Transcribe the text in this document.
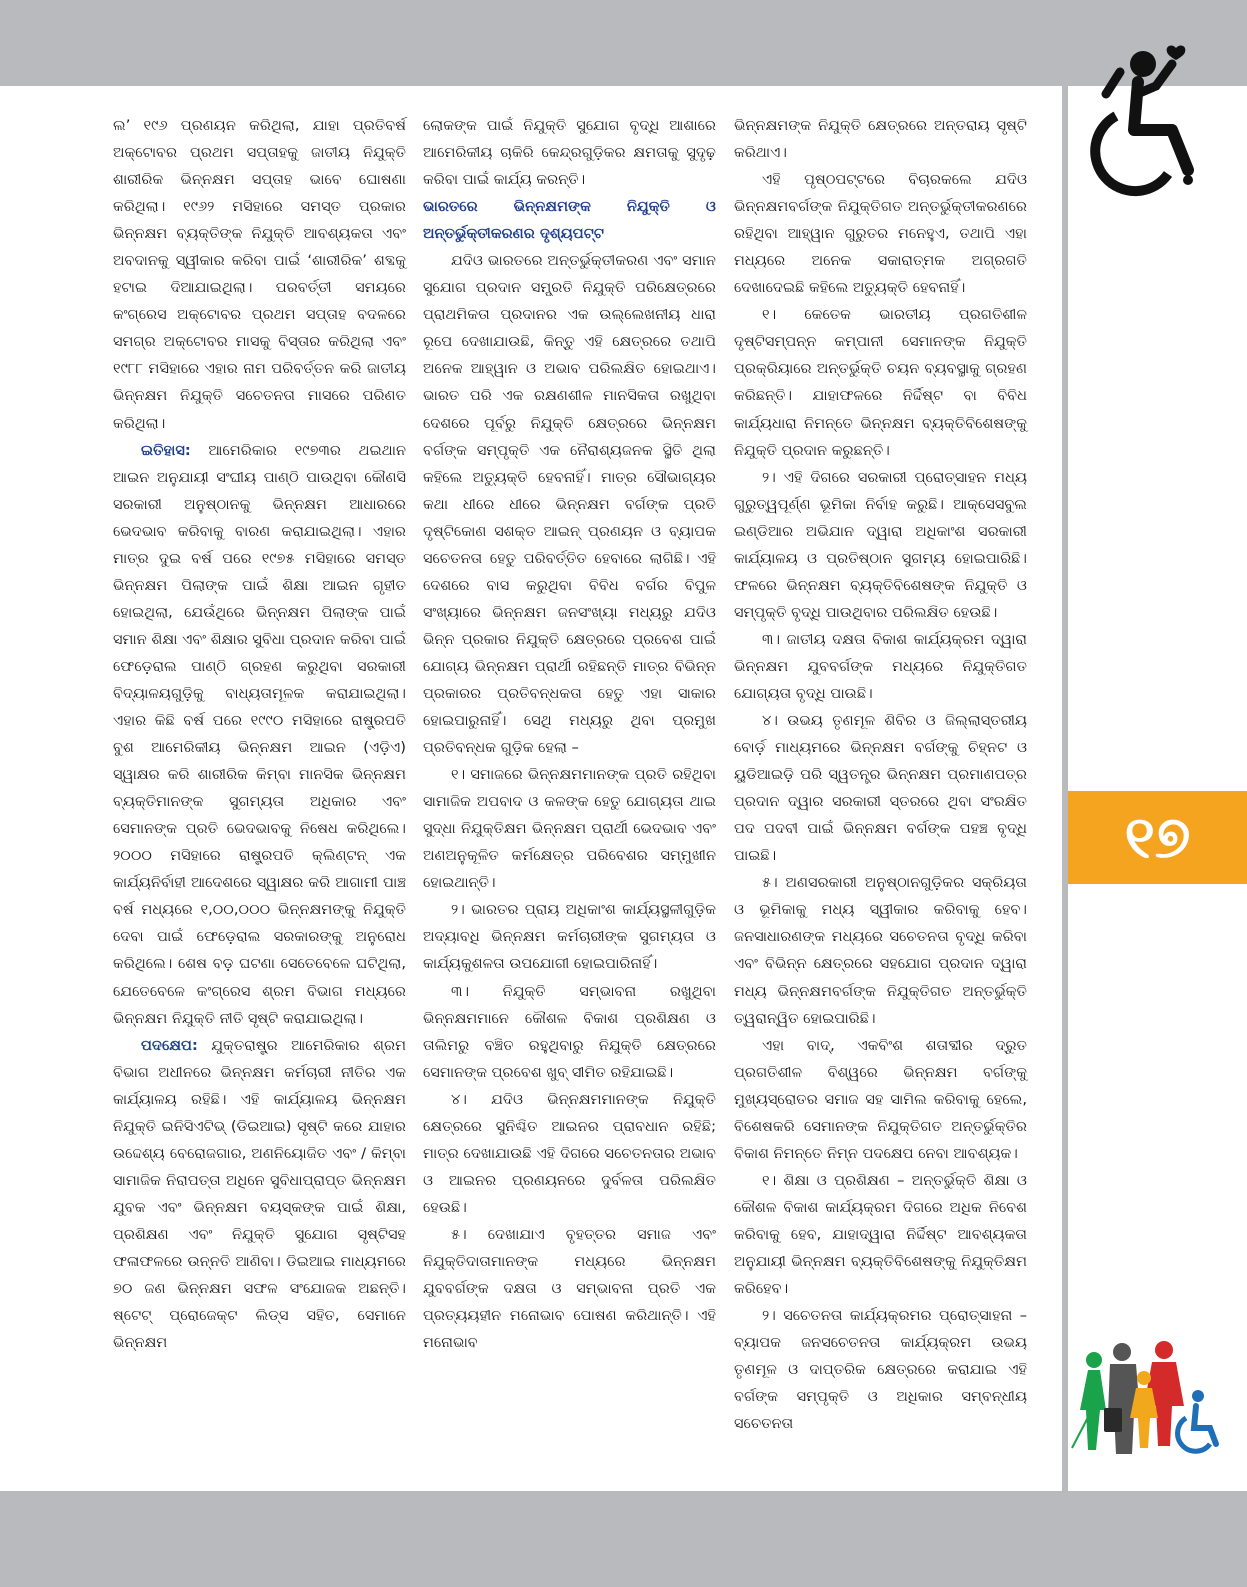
ଲ’ ୧୯୬ ପ୍ରଣୟନ କରିଥିଲା, ଯାହା ପ୍ରତିବର୍ଷ ଅକ୍ଟୋବର ପ୍ରଥମ ସପ୍ତାହକୁ ଜାତୀୟ ନିଯୁକ୍ତି ଶାରୀରିକ ଭିନ୍ନକ୍ଷମ ସପ୍ତାହ ଭାବେ ଘୋଷଣା କରିଥିଲା। ୧୯୬୨ ମସିହାରେ ସମସ୍ତ ପ୍ରକାର ଭିନ୍ନକ୍ଷମ ବ୍ୟକ୍ତିଙ୍କ ନିଯୁକ୍ତି ଆବଶ୍ୟକତା ଏବଂ ଅବଦାନକୁ ସ୍ୱୀକାର କରିବା ପାଇଁ ‘ଶାରୀରିକ’ ଶବ୍ଦକୁ ହଟାଇ ଦିଆଯାଇଥିଲା। ପରବର୍ତ୍ତୀ ସମୟରେ କଂଗ୍ରେସ ଅକ୍ଟୋବର ପ୍ରଥମ ସପ୍ତାହ ବଦଳରେ ସମଗ୍ର ଅକ୍ଟୋବର ମାସକୁ ବିସ୍ତାର କରିଥିଲା ଏବଂ ୧୯୮୮ ମସିହାରେ ଏହାର ନାମ ପରିବର୍ତ୍ତନ କରି ଜାତୀୟ ଭିନ୍ନକ୍ଷମ ନିଯୁକ୍ତି ସଚେତନତା ମାସରେ ପରିଣତ କରିଥିଲା।

ଇତିହାସ: ଆମେରିକାର ୧୯୭୩ର ଥଇଥାନ ଆଇନ ଅନୁଯାୟୀ ସଂଘୀୟ ପାଣ୍ଠି ପାଉଥିବା କୌଣସି ସରକାରୀ ଅନୁଷ୍ଠାନକୁ ଭିନ୍ନକ୍ଷମ ଆଧାରରେ ଭେଦଭାବ କରିବାକୁ ବାରଣ କରାଯାଇଥିଲା। ଏହାର ମାତ୍ର ଦୁଇ ବର୍ଷ ପରେ ୧୯୭୫ ମସିହାରେ ସମସ୍ତ ଭିନ୍ନକ୍ଷମ ପିଲାଙ୍କ ପାଇଁ ଶିକ୍ଷା ଆଇନ ଗୃହୀତ ହୋଇଥିଲା, ଯେଉଁଥିରେ ଭିନ୍ନକ୍ଷମ ପିଲାଙ୍କ ପାଇଁ ସମାନ ଶିକ୍ଷା ଏବଂ ଶିକ୍ଷାର ସୁବିଧା ପ୍ରଦାନ କରିବା ପାଇଁ ଫେଡ଼େରାଲ ପାଣ୍ଠି ଗ୍ରହଣ କରୁଥିବା ସରକାରୀ ବିଦ୍ୟାଳୟଗୁଡ଼ିକୁ ବାଧ୍ୟତାମୂଳକ କରାଯାଇଥିଲା। ଏହାର କିଛି ବର୍ଷ ପରେ ୧୯୯୦ ମସିହାରେ ରାଷ୍ଟ୍ରପତି ବୁଶ ଆମେରିକୀୟ ଭିନ୍ନକ୍ଷମ ଆଇନ (ଏଡ଼ିଏ) ସ୍ୱାକ୍ଷର କରି ଶାରୀରିକ କିମ୍ବା ମାନସିକ ଭିନ୍ନକ୍ଷମ ବ୍ୟକ୍ତିମାନଙ୍କ ସୁଗମ୍ୟତା ଅଧିକାର ଏବଂ ସେମାନଙ୍କ ପ୍ରତି ଭେଦଭାବକୁ ନିଷେଧ କରିଥିଲେ। ୨୦୦୦ ମସିହାରେ ରାଷ୍ଟ୍ରପତି କ୍ଲିଣ୍ଟନ୍ ଏକ କାର୍ଯ୍ୟନିର୍ବାହୀ ଆଦେଶରେ ସ୍ୱାକ୍ଷର କରି ଆଗାମୀ ପାଞ୍ଚ ବର୍ଷ ମଧ୍ୟରେ ୧,୦୦,୦୦୦ ଭିନ୍ନକ୍ଷମଙ୍କୁ ନିଯୁକ୍ତି ଦେବା ପାଇଁ ଫେଡ଼େରାଲ ସରକାରଙ୍କୁ ଅନୁରୋଧ କରିଥିଲେ। ଶେଷ ବଡ଼ ଘଟଣା ସେତେବେଳେ ଘଟିଥିଲା, ଯେତେବେଳେ କଂଗ୍ରେସ ଶ୍ରମ ବିଭାଗ ମଧ୍ୟରେ ଭିନ୍ନକ୍ଷମ ନିଯୁକ୍ତି ନୀତି ସୃଷ୍ଟି କରାଯାଇଥିଲା।

ପଦକ୍ଷେପ: ଯୁକ୍ତରାଷ୍ଟ୍ର ଆମେରିକାର ଶ୍ରମ ବିଭାଗ ଅଧୀନରେ ଭିନ୍ନକ୍ଷମ କର୍ମଚାରୀ ନୀତିର ଏକ କାର୍ଯ୍ୟାଳୟ ରହିଛି। ଏହି କାର୍ଯ୍ୟାଳୟ ଭିନ୍ନକ୍ଷମ ନିଯୁକ୍ତି ଇନିସିଏଟିଭ୍ (ଡିଇଆଇ) ସୃଷ୍ଟି କରେ ଯାହାର ଉଦ୍ଦେଶ୍ୟ ବେରୋଜଗାର, ଅଣନିୟୋଜିତ ଏବଂ / କିମ୍ବା ସାମାଜିକ ନିରାପତ୍ତା ଅଧିନେ ସୁବିଧାପ୍ରାପ୍ତ ଭିନ୍ନକ୍ଷମ ଯୁବକ ଏବଂ ଭିନ୍ନକ୍ଷମ ବୟସ୍କଙ୍କ ପାଇଁ ଶିକ୍ଷା, ପ୍ରଶିକ୍ଷଣ ଏବଂ ନିଯୁକ୍ତି ସୁଯୋଗ ସୃଷ୍ଟିସହ ଫଳାଫଳରେ ଉନ୍ନତି ଆଣିବା। ଡିଇଆଇ ମାଧ୍ୟମରେ ୭୦ ଜଣ ଭିନ୍ନକ୍ଷମ ସଫଳ ସଂଯୋଜକ ଅଛନ୍ତି। ଷ୍ଟେଟ୍ ପ୍ରୋଜେକ୍ଟ ଲିଡ୍ସ ସହିତ, ସେମାନେ ଭିନ୍ନକ୍ଷମ

ଲୋକଙ୍କ ପାଇଁ ନିଯୁକ୍ତି ସୁଯୋଗ ବୃଦ୍ଧି ଆଶାରେ ଆମେରିକୀୟ ଚାକିରି କେନ୍ଦ୍ରଗୁଡ଼ିକର କ୍ଷମତାକୁ ସୁଦୃଢ଼ କରିବା ପାଇଁ କାର୍ଯ୍ୟ କରନ୍ତି।

ଭାରତରେ ଭିନ୍ନକ୍ଷମଙ୍କ ନିଯୁକ୍ତି ଓ ଅନ୍ତର୍ଭୁକ୍ତୀକରଣର ଦୃଶ୍ୟପଟ୍ଟ

ଯଦିଓ ଭାରତରେ ଅନ୍ତର୍ଭୁକ୍ତୀକରଣ ଏବଂ ସମାନ ସୁଯୋଗ ପ୍ରଦାନ ସମ୍ପ୍ରତି ନିଯୁକ୍ତି ପରିକ୍ଷେତ୍ରରେ ପ୍ରାଥମିକତା ପ୍ରଦାନର ଏକ ଉଲ୍ଲେଖନୀୟ ଧାରା ରୂପେ ଦେଖାଯାଉଛି, କିନ୍ତୁ ଏହି କ୍ଷେତ୍ରରେ ତଥାପି ଅନେକ ଆହ୍ୱାନ ଓ ଅଭାବ ପରିଲକ୍ଷିତ ହୋଇଥାଏ। ଭାରତ ପରି ଏକ ରକ୍ଷଣଶୀଳ ମାନସିକତା ରଖୁଥିବା ଦେଶରେ ପୂର୍ବରୁ ନିଯୁକ୍ତି କ୍ଷେତ୍ରରେ ଭିନ୍ନକ୍ଷମ ବର୍ଗଙ୍କ ସମ୍ପୃକ୍ତି ଏକ ନୈରାଶ୍ୟଜନକ ସ୍ଥିତି ଥିଲା କହିଲେ ଅତ୍ୟୁକ୍ତି ହେବନାହିଁ। ମାତ୍ର ସୌଭାଗ୍ୟର କଥା ଧୀରେ ଧୀରେ ଭିନ୍ନକ୍ଷମ ବର୍ଗଙ୍କ ପ୍ରତି ଦୃଷ୍ଟିକୋଣ ସଶକ୍ତ ଆଇନ୍ ପ୍ରଣୟନ ଓ ବ୍ୟାପକ ସଚେତନତା ହେତୁ ପରିବର୍ତ୍ତିତ ହେବାରେ ଲାଗିଛି। ଏହି ଦେଶରେ ବାସ କରୁଥିବା ବିବିଧ ବର୍ଗର ବିପୁଳ ସଂଖ୍ୟାରେ ଭିନ୍ନକ୍ଷମ ଜନସଂଖ୍ୟା ମଧ୍ୟରୁ ଯଦିଓ ଭିନ୍ନ ପ୍ରକାର ନିଯୁକ୍ତି କ୍ଷେତ୍ରରେ ପ୍ରବେଶ ପାଇଁ ଯୋଗ୍ୟ ଭିନ୍ନକ୍ଷମ ପ୍ରାର୍ଥୀ ରହିଛନ୍ତି ମାତ୍ର ବିଭିନ୍ନ ପ୍ରକାରର ପ୍ରତିବନ୍ଧକତା ହେତୁ ଏହା ସାକାର ହୋଇପାରୁନାହିଁ। ସେଥି ମଧ୍ୟରୁ ଥିବା ପ୍ରମୁଖ ପ୍ରତିବନ୍ଧକ ଗୁଡ଼ିକ ହେଲା –

୧। ସମାଜରେ ଭିନ୍ନକ୍ଷମମାନଙ୍କ ପ୍ରତି ରହିଥିବା ସାମାଜିକ ଅପବାଦ ଓ କଳଙ୍କ ହେତୁ ଯୋଗ୍ୟତା ଥାଇ ସୁଦ୍ଧା ନିଯୁକ୍ତିକ୍ଷମ ଭିନ୍ନକ୍ଷମ ପ୍ରାର୍ଥୀ ଭେଦଭାବ ଏବଂ ଅଣଅନୁକୂଳିତ କର୍ମକ୍ଷେତ୍ର ପରିବେଶର ସମ୍ମୁଖୀନ ହୋଇଥାନ୍ତି।

୨। ଭାରତର ପ୍ରାୟ ଅଧିକାଂଶ କାର୍ଯ୍ୟସ୍ଥଳୀଗୁଡ଼ିକ ଅଦ୍ୟାବଧି ଭିନ୍ନକ୍ଷମ କର୍ମଚାରୀଙ୍କ ସୁଗମ୍ୟତା ଓ କାର୍ଯ୍ୟକୁଶଳତା ଉପଯୋଗୀ ହୋଇପାରିନାହିଁ।

୩। ନିଯୁକ୍ତି ସମ୍ଭାବନା ରଖୁଥିବା ଭିନ୍ନକ୍ଷମମାନେ କୌଶଳ ବିକାଶ ପ୍ରଶିକ୍ଷଣ ଓ ତାଲିମରୁ ବଞ୍ଚିତ ରହୁଥିବାରୁ ନିଯୁକ୍ତି କ୍ଷେତ୍ରରେ ସେମାନଙ୍କ ପ୍ରବେଶ ଖୁବ୍ ସୀମିତ ରହିଯାଇଛି।

୪। ଯଦିଓ ଭିନ୍ନକ୍ଷମମାନଙ୍କ ନିଯୁକ୍ତି କ୍ଷେତ୍ରରେ ସୁନିଶ୍ଚିତ ଆଇନର ପ୍ରାବଧାନ ରହିଛି; ମାତ୍ର ଦେଖାଯାଉଛି ଏହି ଦିଗରେ ସଚେତନତାର ଅଭାବ ଓ ଆଇନର ପ୍ରଣୟନରେ ଦୁର୍ବଳତା ପରିଲକ୍ଷିତ ହେଉଛି।

୫। ଦେଖାଯାଏ ବୃହତ୍ତର ସମାଜ ଏବଂ ନିଯୁକ୍ତିଦାତାମାନଙ୍କ ମଧ୍ୟରେ ଭିନ୍ନକ୍ଷମ ଯୁବବର୍ଗଙ୍କ ଦକ୍ଷତା ଓ ସମ୍ଭାବନା ପ୍ରତି ଏକ ପ୍ରତ୍ୟୟହୀନ ମନୋଭାବ ପୋଷଣ କରିଥାନ୍ତି। ଏହି ମନୋଭାବ

ଭିନ୍ନକ୍ଷମଙ୍କ ନିଯୁକ୍ତି କ୍ଷେତ୍ରରେ ଅନ୍ତରାୟ ସୃଷ୍ଟି କରିଥାଏ।

ଏହି ପୃଷ୍ଠପଟ୍ଟରେ ବିଚାରକଲେ ଯଦିଓ ଭିନ୍ନକ୍ଷମବର୍ଗଙ୍କ ନିଯୁକ୍ତିଗତ ଅନ୍ତର୍ଭୁକ୍ତୀକରଣରେ ରହିଥିବା ଆହ୍ୱାନ ଗୁରୁତର ମନେହୁଏ, ତଥାପି ଏହା ମଧ୍ୟରେ ଅନେକ ସକାରାତ୍ମକ ଅଗ୍ରଗତି ଦେଖାଦେଇଛି କହିଲେ ଅତ୍ୟୁକ୍ତି ହେବନାହିଁ।

୧। କେତେକ ଭାରତୀୟ ପ୍ରଗତିଶୀଳ ଦୃଷ୍ଟିସମ୍ପନ୍ନ କମ୍ପାନୀ ସେମାନଙ୍କ ନିଯୁକ୍ତି ପ୍ରକ୍ରିୟାରେ ଅନ୍ତର୍ଭୁକ୍ତି ଚୟନ ବ୍ୟବସ୍ଥାକୁ ଗ୍ରହଣ କରିଛନ୍ତି। ଯାହାଫଳରେ ନିର୍ଦ୍ଦିଷ୍ଟ ବା ବିବିଧ କାର୍ଯ୍ୟଧାରା ନିମନ୍ତେ ଭିନ୍ନକ୍ଷମ ବ୍ୟକ୍ତିବିଶେଷଙ୍କୁ ନିଯୁକ୍ତି ପ୍ରଦାନ କରୁଛନ୍ତି।

୨। ଏହି ଦିଗରେ ସରକାରୀ ପ୍ରୋତ୍ସାହନ ମଧ୍ୟ ଗୁରୁତ୍ୱପୂର୍ଣ୍ଣ ଭୂମିକା ନିର୍ବାହ କରୁଛି। ଆକ୍ସେସବୁଲ ଇଣ୍ଡିଆର ଅଭିଯାନ ଦ୍ୱାରା ଅଧିକାଂଶ ସରକାରୀ କାର୍ଯ୍ୟାଳୟ ଓ ପ୍ରତିଷ୍ଠାନ ସୁଗମ୍ୟ ହୋଇପାରିଛି। ଫଳରେ ଭିନ୍ନକ୍ଷମ ବ୍ୟକ୍ତିବିଶେଷଙ୍କ ନିଯୁକ୍ତି ଓ ସମ୍ପୃକ୍ତି ବୃଦ୍ଧି ପାଉଥିବାର ପରିଲକ୍ଷିତ ହେଉଛି।

୩। ଜାତୀୟ ଦକ୍ଷତା ବିକାଶ କାର୍ଯ୍ୟକ୍ରମ ଦ୍ୱାରା ଭିନ୍ନକ୍ଷମ ଯୁବବର୍ଗଙ୍କ ମଧ୍ୟରେ ନିଯୁକ୍ତିଗତ ଯୋଗ୍ୟତା ବୃଦ୍ଧି ପାଉଛି।

୪। ଉଭୟ ତୃଣମୂଳ ଶିବିର ଓ ଜିଲ୍ଲାସ୍ତରୀୟ ବୋର୍ଡ଼ ମାଧ୍ୟମରେ ଭିନ୍ନକ୍ଷମ ବର୍ଗଙ୍କୁ ଚିହ୍ନଟ ଓ ୟୁଡିଆଇଡ଼ି ପରି ସ୍ୱତନ୍ତ୍ର ଭିନ୍ନକ୍ଷମ ପ୍ରମାଣପତ୍ର ପ୍ରଦାନ ଦ୍ୱାର ସରକାରୀ ସ୍ତରରେ ଥିବା ସଂରକ୍ଷିତ ପଦ ପଦବୀ ପାଇଁ ଭିନ୍ନକ୍ଷମ ବର୍ଗଙ୍କ ପହଞ୍ଚ ବୃଦ୍ଧି ପାଇଛି।

୫। ଅଣସରକାରୀ ଅନୁଷ୍ଠାନଗୁଡ଼ିକର ସକ୍ରିୟତା ଓ ଭୂମିକାକୁ ମଧ୍ୟ ସ୍ୱୀକାର କରିବାକୁ ହେବ। ଜନସାଧାରଣଙ୍କ ମଧ୍ୟରେ ସଚେତନତା ବୃଦ୍ଧି କରିବା ଏବଂ ବିଭିନ୍ନ କ୍ଷେତ୍ରରେ ସହଯୋଗ ପ୍ରଦାନ ଦ୍ୱାରା ମଧ୍ୟ ଭିନ୍ନକ୍ଷମବର୍ଗଙ୍କ ନିଯୁକ୍ତିଗତ ଅନ୍ତର୍ଭୁକ୍ତି ତ୍ୱରାନ୍ୱିତ ହୋଇପାରିଛି।

ଏହା ବାଦ୍, ଏକବିଂଶ ଶତାବ୍ଦୀର ଦ୍ରୁତ ପ୍ରଗତିଶୀଳ ବିଶ୍ୱରେ ଭିନ୍ନକ୍ଷମ ବର୍ଗଙ୍କୁ ମୁଖ୍ୟସ୍ରୋତର ସମାଜ ସହ ସାମିଲ କରିବାକୁ ହେଲେ, ବିଶେଷକରି ସେମାନଙ୍କ ନିଯୁକ୍ତିଗତ ଅନ୍ତର୍ଭୁକ୍ତିର ବିକାଶ ନିମନ୍ତେ ନିମ୍ନ ପଦକ୍ଷେପ ନେବା ଆବଶ୍ୟକ।

୧। ଶିକ୍ଷା ଓ ପ୍ରଶିକ୍ଷଣ – ଅନ୍ତର୍ଭୁକ୍ତି ଶିକ୍ଷା ଓ କୌଶଳ ବିକାଶ କାର୍ଯ୍ୟକ୍ରମ ଦିଗରେ ଅଧିକ ନିବେଶ କରିବାକୁ ହେବ, ଯାହାଦ୍ୱାରା ନିର୍ଦ୍ଦିଷ୍ଟ ଆବଶ୍ୟକତା ଅନୁଯାୟୀ ଭିନ୍ନକ୍ଷମ ବ୍ୟକ୍ତିବିଶେଷଙ୍କୁ ନିଯୁକ୍ତିକ୍ଷମ କରିହେବ।

୨। ସଚେତନତା କାର୍ଯ୍ୟକ୍ରମର ପ୍ରୋତ୍ସାହନା – ବ୍ୟାପକ ଜନସଚେତନତା କାର୍ଯ୍ୟକ୍ରମ ଉଭୟ ତୃଣମୂଳ ଓ ଦାପ୍ତରିକ କ୍ଷେତ୍ରରେ କରାଯାଇ ଏହି ବର୍ଗଙ୍କ ସମ୍ପୃକ୍ତି ଓ ଅଧିକାର ସମ୍ବନ୍ଧୀୟ ସଚେତନତା

୧୭
